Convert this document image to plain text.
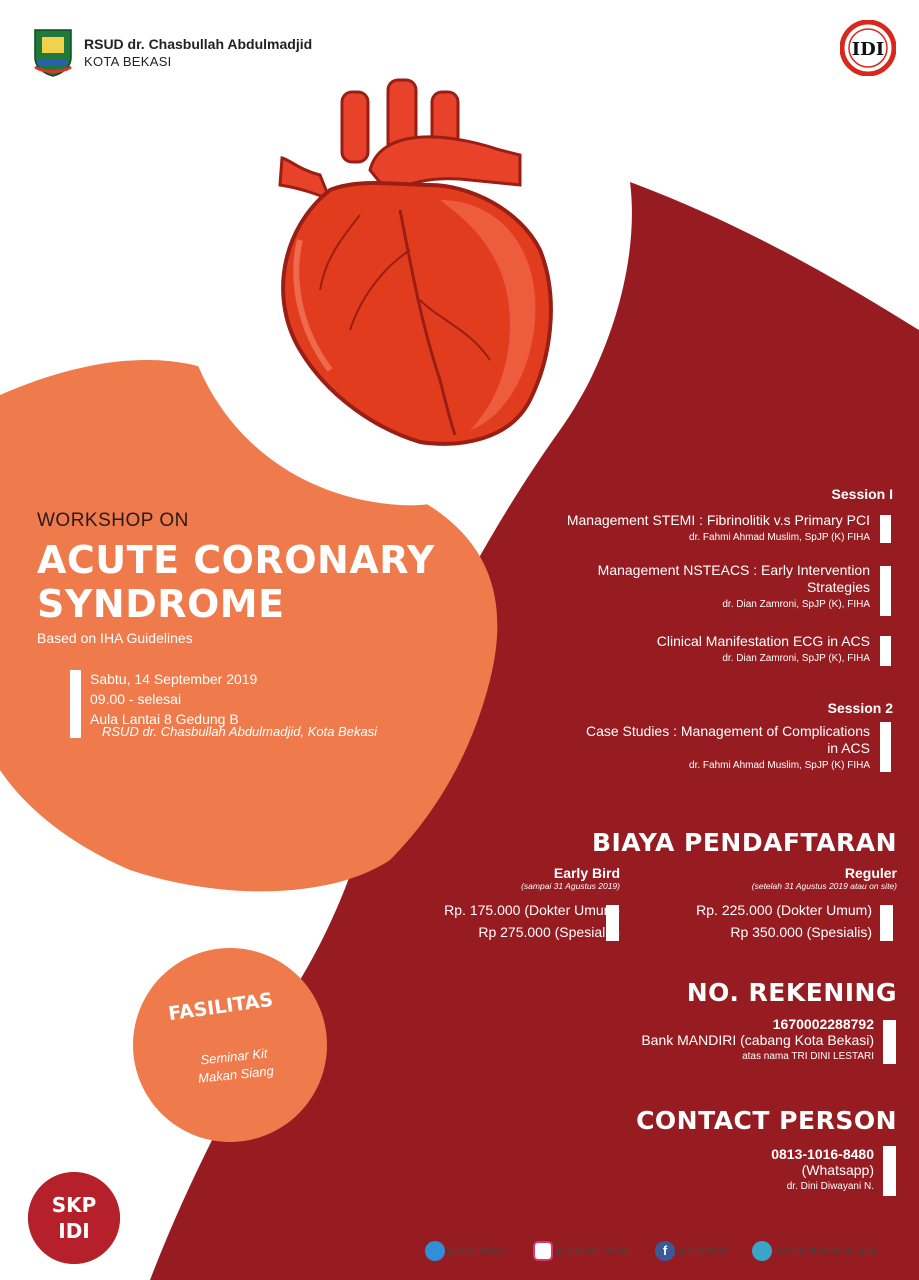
RSUD dr. Chasbullah Abdulmadjid
KOTA BEKASI
IDI
WORKSHOP ON
ACUTE CORONARY
SYNDROME
Based on IHA Guidelines
Sabtu, 14 September 2019
09.00 - selesai
Aula Lantai 8 Gedung B
RSUD dr. Chasbullah Abdulmadjid, Kota Bekasi
Session I
Management STEMI : Fibrinolitik v.s Primary PCI
dr. Fahmi Ahmad Muslim, SpJP (K) FIHA
Management NSTEACS : Early Intervention
Strategies
dr. Dian Zamroni, SpJP (K), FIHA
Clinical Manifestation ECG in ACS
dr. Dian Zamroni, SpJP (K), FIHA
Session 2
Case Studies : Management of Complications
in ACS
dr. Fahmi Ahmad Muslim, SpJP (K) FIHA
BIAYA PENDAFTARAN
Early Bird
(sampai 31 Agustus 2019)
Rp. 175.000 (Dokter Umum)
Rp 275.000 (Spesialis)
Reguler
(setelah 31 Agustus 2019 atau on site)
Rp. 225.000 (Dokter Umum)
Rp 350.000 (Spesialis)
NO. REKENING
1670002288792
Bank MANDIRI (cabang Kota Bekasi)
atas nama TRI DINI LESTARI
CONTACT PERSON
0813-1016-8480
(Whatsapp)
dr. Dini Diwayani N.
FASILITAS
Seminar Kit
Makan Siang
SKP
IDI
@rsud_bekasi	@rsudcam_bekasi	f @rsudbekasi	www.rsudkotabekasi.go.id
